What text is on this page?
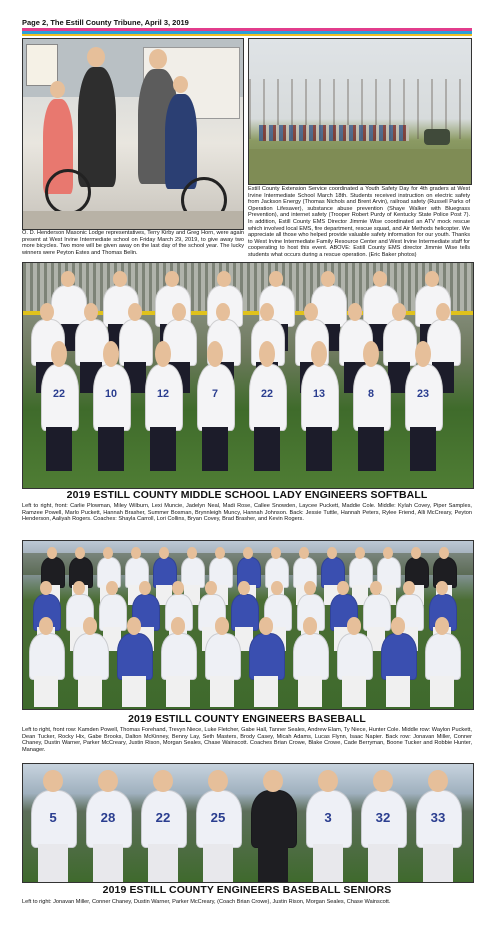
Page 2, The Estill County Tribune, April 3, 2019
O. D. Henderson Masonic Lodge representatives, Terry Kirby and Greg Horn, were again present at West Irvine Intermediate school on Friday March 29, 2019, to give away two more bicycles. Two more will be given away on the last day of the school year. The lucky winners were Peyton Estes and Thomas Belin.
Estill County Extension Service coordinated a Youth Safety Day for 4th graders at West Irvine Intermediate School March 18th. Students received instruction on electric safety from Jackson Energy (Thomas Nichols and Brent Arvin), railroad safety (Russell Parks of Operation Lifesaver), substance abuse prevention (Shaye Walker with Bluegrass Prevention), and internet safety (Trooper Robert Purdy of Kentucky State Police Post 7). In addition, Estill County EMS Director Jimmie Wise coordinated an ATV mock rescue which involved local EMS, fire department, rescue squad, and Air Methods helicopter. We appreciate all those who helped provide valuable safety information for our youth. Thanks to West Irvine Intermediate Family Resource Center and West Irvine Intermediate staff for cooperating to host this event. ABOVE: Estill County EMS director Jimmie Wise tells students what occurs during a rescue operation. (Eric Baker photos)
22	10	12	7	22	13	8	23
2019 ESTILL COUNTY MIDDLE SCHOOL LADY ENGINEERS SOFTBALL
Left to right, front: Carlie Plowman, Miley Wilburn, Lexi Muncie, Jadelyn Neal, Madi Rose, Callee Snowden, Laycee Puckett, Maddie Cole. Middle: Kylah Covey, Piper Samples, Ramzee Powell, Marlo Puckett, Hannah Brasher, Summer Bosman, Brynnleigh Muncy, Hannah Johnson. Back: Jessie Tuttle, Hannah Peters, Rylee Friend, Alli McCreary, Peyton Henderson, Aaliyah Rogers. Coaches: Shayla Carroll, Lori Collins, Bryan Covey, Brad Brasher, and Kevin Rogers.
2019 ESTILL COUNTY ENGINEERS BASEBALL
Left to right, front row: Kamden Powell, Thomas Forehand, Trevyn Niece, Luke Fletcher, Gabe Hall, Tanner Seales, Andrew Elam, Ty Niece, Hunter Cole. Middle row: Waylon Puckett, Dean Tucker, Rocky Hix, Gabe Brooks, Dalton McKinney, Benny Lay, Seth Masters, Brody Casey, Micah Adams, Lucas Flynn, Isaac Napier. Back row: Jonavan Miller, Conner Chaney, Dustin Warner, Parker McCreary, Justin Rison, Morgan Seales, Chase Wainscott. Coaches Brian Crowe, Blake Crowe, Cade Berryman, Boone Tucker and Robbie Hunter, Manager.
5	28	22	25	3	32	33
2019 ESTILL COUNTY ENGINEERS BASEBALL SENIORS
Left to right: Jonavan Miller, Conner Chaney, Dustin Warner, Parker McCreary, (Coach Brian Crowe), Justin Rison, Morgan Seales, Chase Wainscott.
